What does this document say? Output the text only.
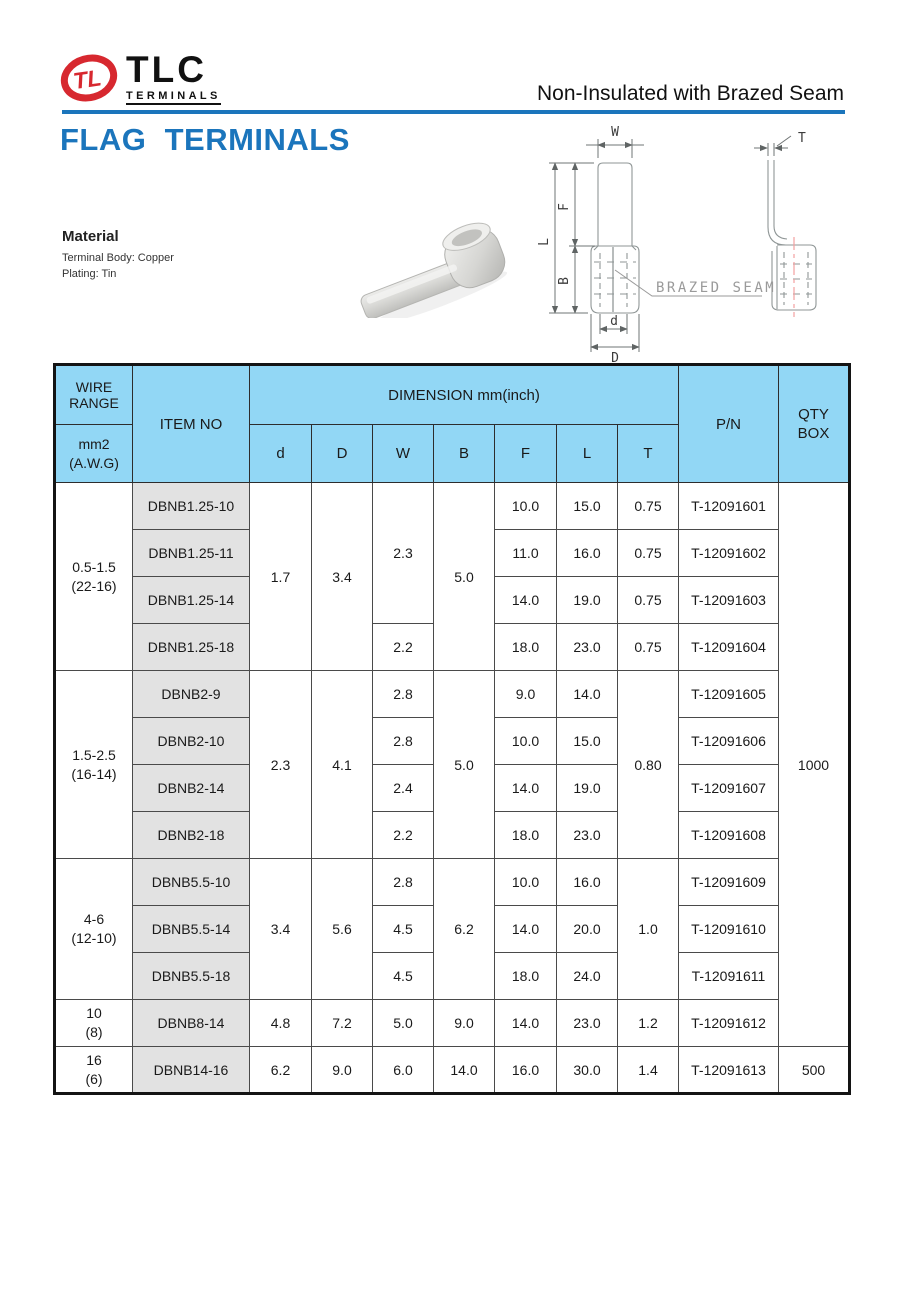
TL TLC
TERMINALS	Non-Insulated with Brazed Seam
FLAG  TERMINALS
Material
Terminal Body: Copper
Plating: Tin
W
L
F
B
d
D
T
BRAZED SEAM
WIRE RANGE	ITEM NO	DIMENSION mm(inch)							P/N	QTY
BOX

mm2
(A.W.G)		d	D	W	B	F	L	T		

0.5-1.5
(22-16)	DBNB1.25-10	1.7	3.4	2.3	5.0	10.0	15.0	0.75	T-12091601	1000
	DBNB1.25-11					11.0	16.0	0.75	T-12091602	
	DBNB1.25-14					14.0	19.0	0.75	T-12091603	
	DBNB1.25-18			2.2		18.0	23.0	0.75	T-12091604	

1.5-2.5
(16-14)	DBNB2-9	2.3	4.1	2.8	5.0	9.0	14.0	0.80	T-12091605	
	DBNB2-10			2.8		10.0	15.0		T-12091606	
	DBNB2-14			2.4		14.0	19.0		T-12091607	
	DBNB2-18			2.2		18.0	23.0		T-12091608	

4-6
(12-10)	DBNB5.5-10	3.4	5.6	2.8	6.2	10.0	16.0	1.0	T-12091609	
	DBNB5.5-14			4.5		14.0	20.0		T-12091610	
	DBNB5.5-18			4.5		18.0	24.0		T-12091611	

10
(8)	DBNB8-14	4.8	7.2	5.0	9.0	14.0	23.0	1.2	T-12091612	

16
(6)	DBNB14-16	6.2	9.0	6.0	14.0	16.0	30.0	1.4	T-12091613	500
